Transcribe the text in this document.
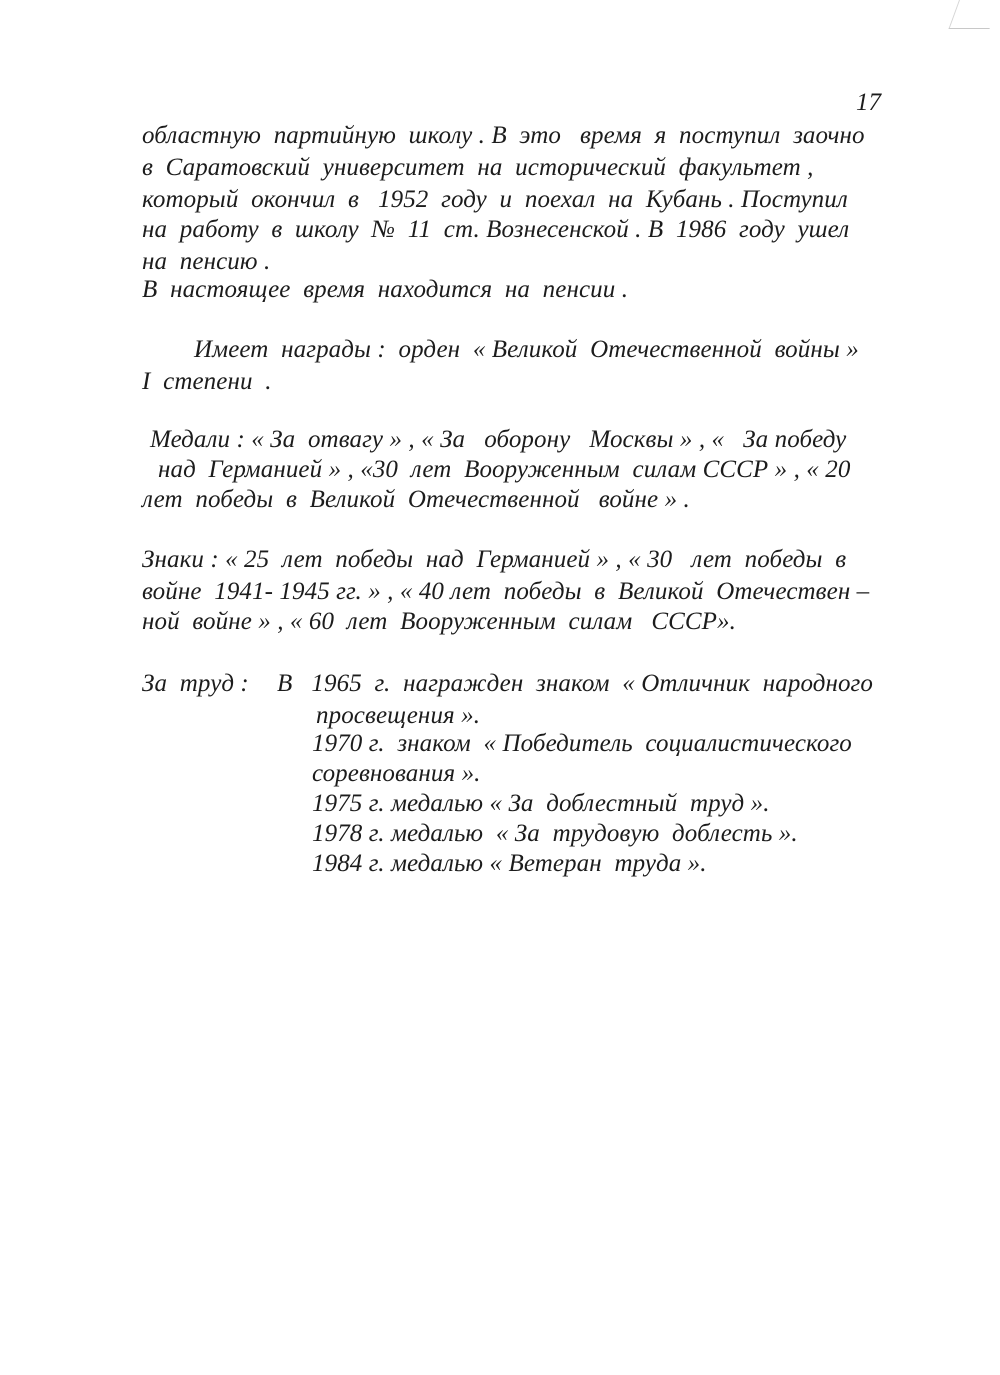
17
областную  партийную  школу . В  это   время  я  поступил  заочно
в  Саратовский  университет  на  исторический  факультет ,
который  окончил  в   1952  году  и  поехал  на  Кубань . Поступил
на  работу  в  школу  №  11  ст. Вознесенской . В  1986  году  ушел
на  пенсию .
В  настоящее  время  находится  на  пенсии .
Имеет  награды :  орден  « Великой  Отечественной  войны »
I  степени  .
Медали : « За  отвагу » , « За   оборону   Москвы » , «   За победу
над  Германией » , «30  лет  Вооруженным  силам СССР » , « 20
лет  победы  в  Великой  Отечественной   войне » .
Знаки : « 25  лет  победы  над  Германией » , « 30   лет  победы  в
войне  1941- 1945 гг. » , « 40 лет  победы  в  Великой  Отечествен –
ной  войне » , « 60  лет  Вооруженным  силам   СССР».
За  труд : В   1965  г.  награжден  знаком  « Отличник  народного
просвещения ».
1970 г.  знаком  « Победитель  социалистического
соревнования ».
1975 г. медалью « За  доблестный  труд ».
1978 г. медалью  « За  трудовую  доблесть ».
1984 г. медалью « Ветеран  труда ».
